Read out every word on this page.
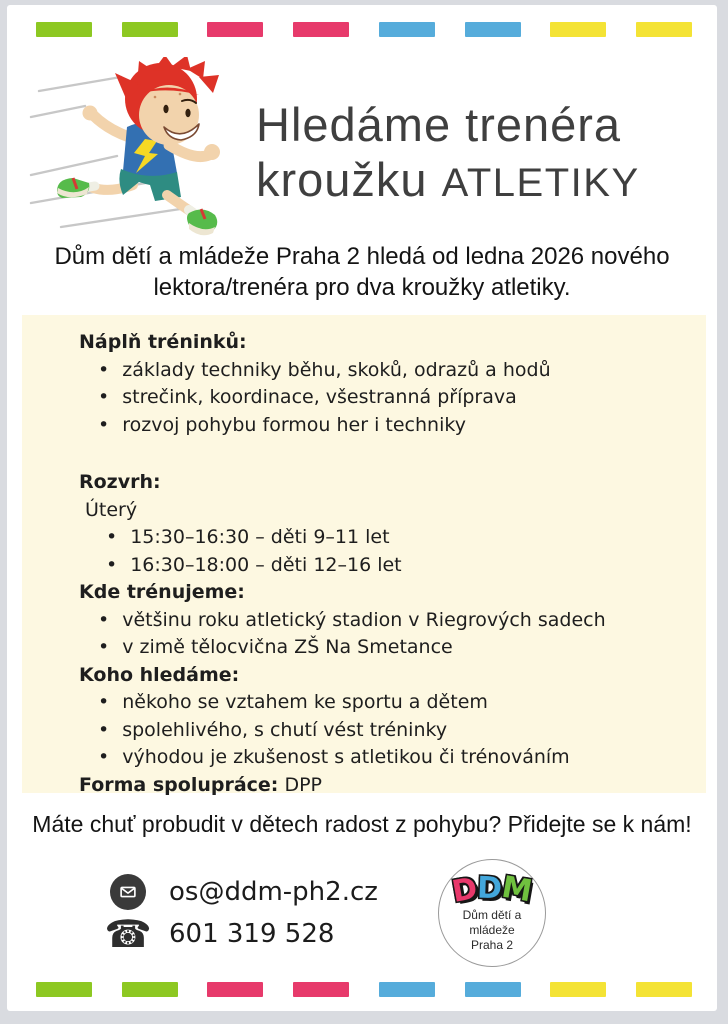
Hledáme trenéra
kroužku ATLETIKY
Dům dětí a mládeže Praha 2 hledá od ledna 2026 nového
lektora/trenéra pro dva kroužky atletiky.
Náplň tréninků:
• základy techniky běhu, skoků, odrazů a hodů
• strečink, koordinace, všestranná příprava
• rozvoj pohybu formou her i techniky
Rozvrh:
Úterý
• 15:30–16:30 – děti 9–11 let
• 16:30–18:00 – děti 12–16 let
Kde trénujeme:
• většinu roku atletický stadion v Riegrových sadech
• v zimě tělocvična ZŠ Na Smetance
Koho hledáme:
• někoho se vztahem ke sportu a dětem
• spolehlivého, s chutí vést tréninky
• výhodou je zkušenost s atletikou či trénováním
Forma spolupráce: DPP
Máte chuť probudit v dětech radost z pohybu? Přidejte se k nám!
os@ddm-ph2.cz
☎ 601 319 528
D
D
M
Dům dětí a mládeže
Praha 2
